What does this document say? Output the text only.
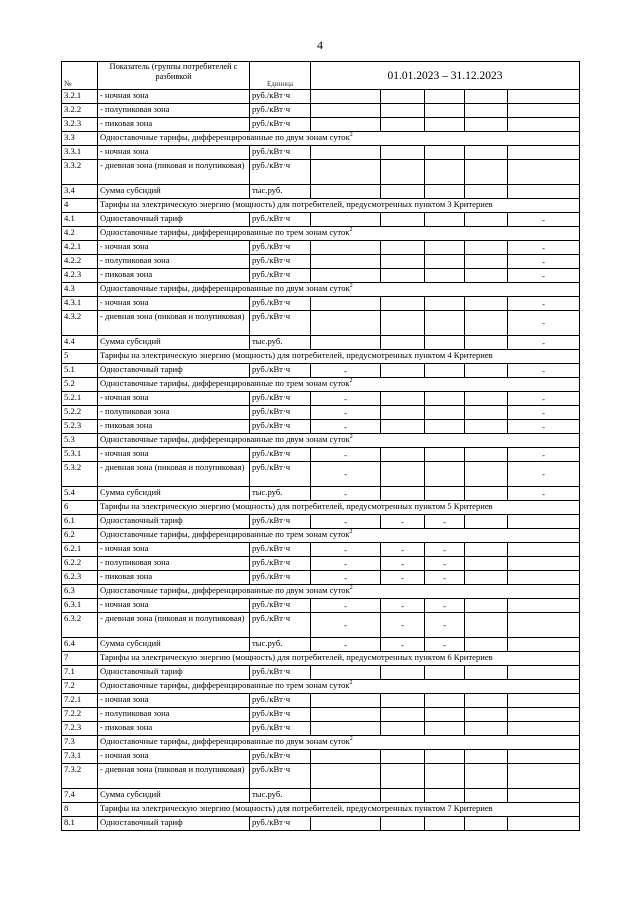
4
№	Показатель (группы потребителей с разбивкой	Единица	01.01.2023 – 31.12.2023				
3.2.1	- ночная зона	руб./кВт·ч					
3.2.2	- полупиковая зона	руб./кВт·ч					
3.2.3	- пиковая зона	руб./кВт·ч					
3.3	Одноставочные тарифы, дифференцированные по двум зонам суток$^2$
3.3.1	- ночная зона	руб./кВт·ч					
3.3.2	- дневная зона (пиковая и полупиковая)	руб./кВт·ч					
3.4	Сумма субсидий	тыс.руб.					
4	Тарифы на электрическую энергию (мощность) для потребителей, предусмотренных пунктом 3 Критериев						
4.1	Одноставочный тариф	руб./кВт·ч					-
4.2	Одноставочные тарифы, дифференцированные по трем зонам суток$^2$
4.2.1	- ночная зона	руб./кВт·ч					-
4.2.2	- полупиковая зона	руб./кВт·ч					-
4.2.3	- пиковая зона	руб./кВт·ч					-
4.3	Одноставочные тарифы, дифференцированные по двум зонам суток$^2$
4.3.1	- ночная зона	руб./кВт·ч					-
4.3.2	- дневная зона (пиковая и полупиковая)	руб./кВт·ч					-
4.4	Сумма субсидий	тыс.руб.					-
5	Тарифы на электрическую энергию (мощность) для потребителей, предусмотренных пунктом 4 Критериев						
5.1	Одноставочный тариф	руб./кВт·ч	-				-
5.2	Одноставочные тарифы, дифференцированные по трем зонам суток$^2$
5.2.1	- ночная зона	руб./кВт·ч	-				-
5.2.2	- полупиковая зона	руб./кВт·ч	-				-
5.2.3	- пиковая зона	руб./кВт·ч	-				-
5.3	Одноставочные тарифы, дифференцированные по двум зонам суток$^2$
5.3.1	- ночная зона	руб./кВт·ч	-				-
5.3.2	- дневная зона (пиковая и полупиковая)	руб./кВт·ч	-				-
5.4	Сумма субсидий	тыс.руб.	-				-
6	Тарифы на электрическую энергию (мощность) для потребителей, предусмотренных пунктом 5 Критериев						
6.1	Одноставочный тариф	руб./кВт·ч	-	-	-		
6.2	Одноставочные тарифы, дифференцированные по трем зонам суток$^2$
6.2.1	- ночная зона	руб./кВт·ч	-	-	-		
6.2.2	- полупиковая зона	руб./кВт·ч	-	-	-		
6.2.3	- пиковая зона	руб./кВт·ч	-	-	-		
6.3	Одноставочные тарифы, дифференцированные по двум зонам суток$^2$
6.3.1	- ночная зона	руб./кВт·ч	-	-	-		
6.3.2	- дневная зона (пиковая и полупиковая)	руб./кВт·ч	-	-	-		
6.4	Сумма субсидий	тыс.руб.	-	-	-		
7	Тарифы на электрическую энергию (мощность) для потребителей, предусмотренных пунктом 6 Критериев						
7.1	Одноставочный тариф	руб./кВт·ч					
7.2	Одноставочные тарифы, дифференцированные по трем зонам суток$^2$
7.2.1	- ночная зона	руб./кВт·ч					
7.2.2	- полупиковая зона	руб./кВт·ч					
7.2.3	- пиковая зона	руб./кВт·ч					
7.3	Одноставочные тарифы, дифференцированные по двум зонам суток$^2$
7.3.1	- ночная зона	руб./кВт·ч					
7.3.2	- дневная зона (пиковая и полупиковая)	руб./кВт·ч					
7.4	Сумма субсидий	тыс.руб.					
8	Тарифы на электрическую энергию (мощность) для потребителей, предусмотренных пунктом 7 Критериев						
8.1	Одноставочный тариф	руб./кВт·ч					
